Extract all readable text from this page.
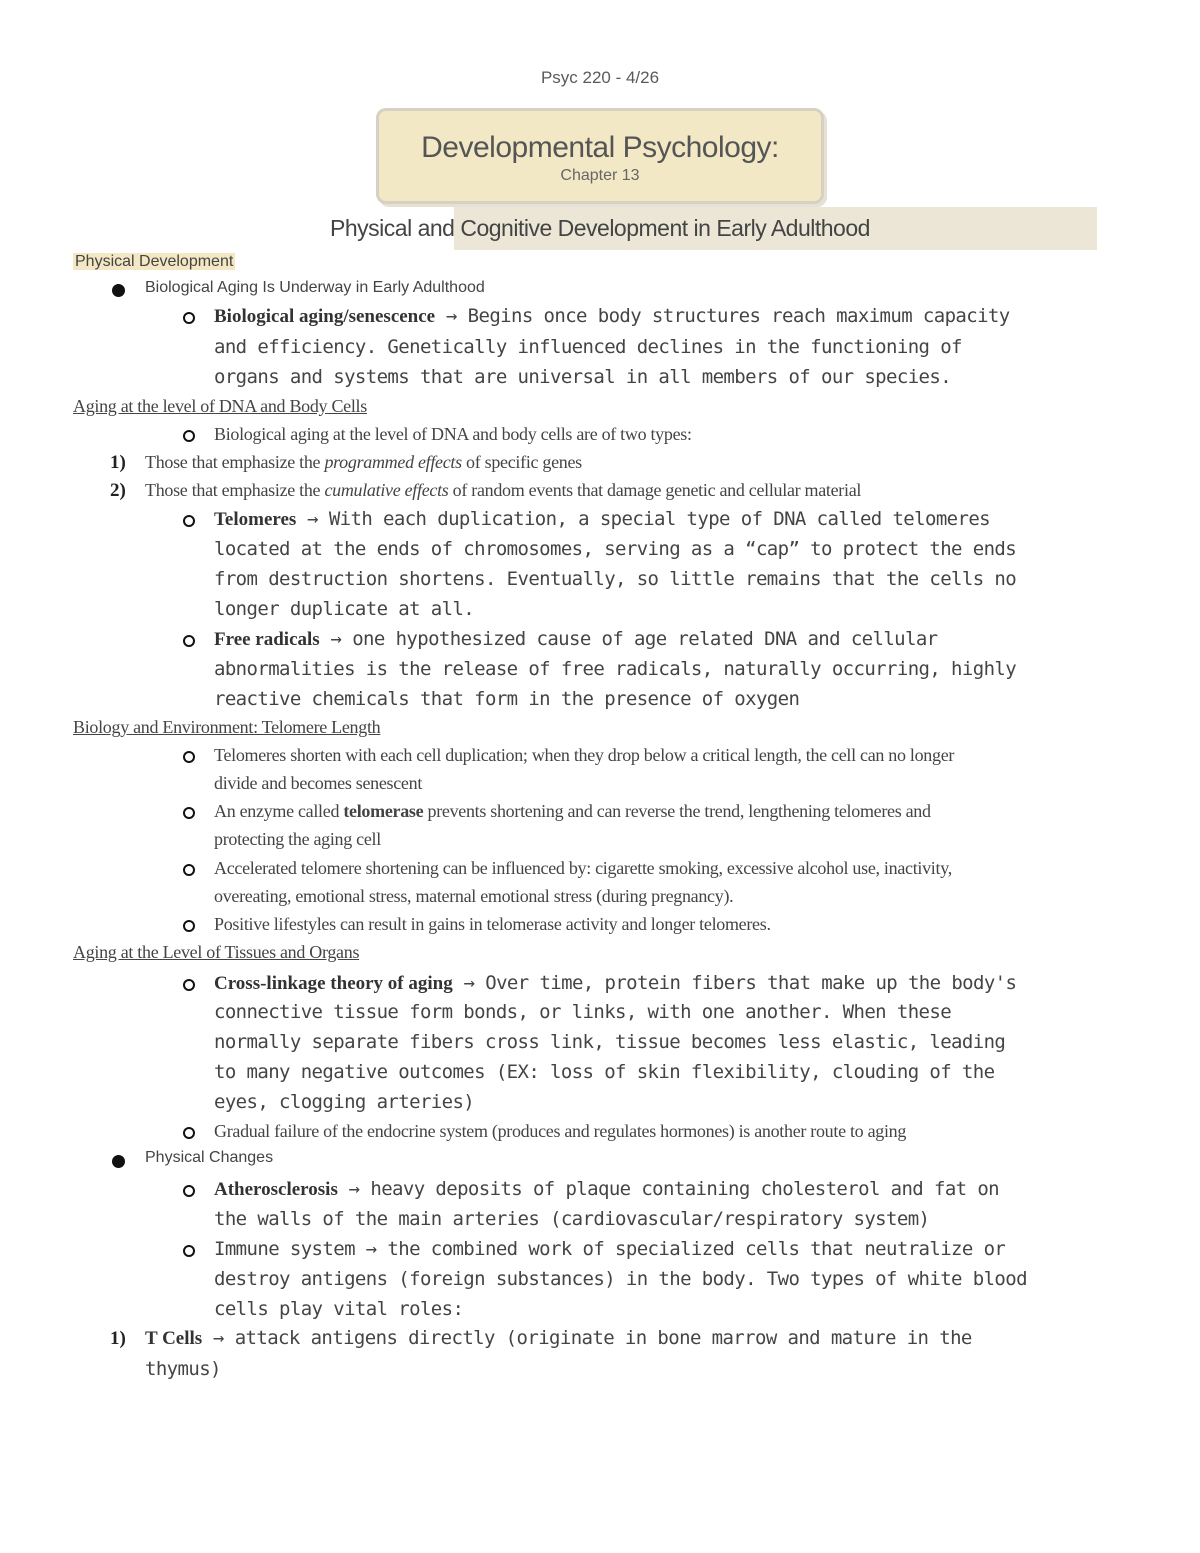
Psyc 220 - 4/26
Developmental Psychology:
Chapter 13
Physical and Cognitive Development in Early Adulthood
Physical Development
Biological Aging Is Underway in Early Adulthood
Biological aging/senescence → Begins once body structures reach maximum capacity
and efficiency. Genetically influenced declines in the functioning of
organs and systems that are universal in all members of our species.
Aging at the level of DNA and Body Cells
Biological aging at the level of DNA and body cells are of two types:
1) Those that emphasize the programmed effects of specific genes
2) Those that emphasize the cumulative effects of random events that damage genetic and cellular material
Telomeres → With each duplication, a special type of DNA called telomeres
located at the ends of chromosomes, serving as a “cap” to protect the ends
from destruction shortens. Eventually, so little remains that the cells no
longer duplicate at all.
Free radicals → one hypothesized cause of age related DNA and cellular
abnormalities is the release of free radicals, naturally occurring, highly
reactive chemicals that form in the presence of oxygen
Biology and Environment: Telomere Length
Telomeres shorten with each cell duplication; when they drop below a critical length, the cell can no longer
divide and becomes senescent
An enzyme called telomerase prevents shortening and can reverse the trend, lengthening telomeres and
protecting the aging cell
Accelerated telomere shortening can be influenced by: cigarette smoking, excessive alcohol use, inactivity,
overeating, emotional stress, maternal emotional stress (during pregnancy).
Positive lifestyles can result in gains in telomerase activity and longer telomeres.
Aging at the Level of Tissues and Organs
Cross-linkage theory of aging → Over time, protein fibers that make up the body's
connective tissue form bonds, or links, with one another. When these
normally separate fibers cross link, tissue becomes less elastic, leading
to many negative outcomes (EX: loss of skin flexibility, clouding of the
eyes, clogging arteries)
Gradual failure of the endocrine system (produces and regulates hormones) is another route to aging
Physical Changes
Atherosclerosis → heavy deposits of plaque containing cholesterol and fat on
the walls of the main arteries (cardiovascular/respiratory system)
Immune system → the combined work of specialized cells that neutralize or
destroy antigens (foreign substances) in the body. Two types of white blood
cells play vital roles:
1) T Cells → attack antigens directly (originate in bone marrow and mature in the
thymus)
